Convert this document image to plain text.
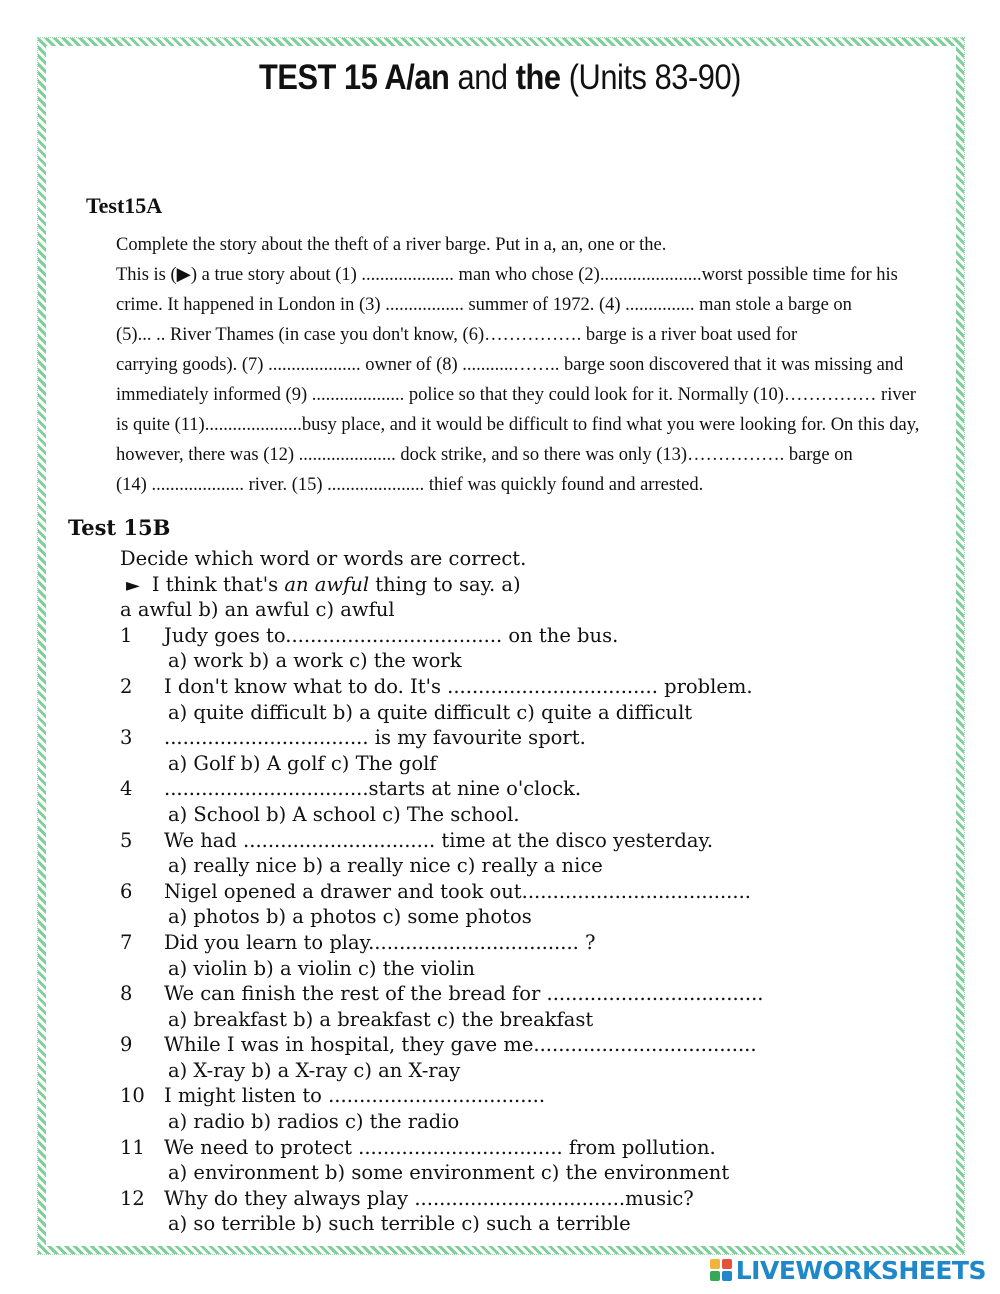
TEST 15 A/an and the (Units 83-90)
Test15A
Complete the story about the theft of a river barge. Put in a, an, one or the.
This is (▶) a true story about (1) .................... man who chose (2)......................worst possible time for his
crime. It happened in London in (3) ................. summer of 1972. (4) ............... man stole a barge on
(5)... .. River Thames (in case you don't know, (6)……………. barge is a river boat used for
carrying goods). (7) .................... owner of (8) ...........…….. barge soon discovered that it was missing and
immediately informed (9) .................... police so that they could look for it. Normally (10)…………… river
is quite (11).....................busy place, and it would be difficult to find what you were looking for. On this day,
however, there was (12) ..................... dock strike, and so there was only (13)……………. barge on
(14) .................... river. (15) ..................... thief was quickly found and arrested.
Test 15B
Decide which word or words are correct.
► I think that's an awful thing to say. a)
a awful b) an awful c) awful
1	Judy goes to................................... on the bus.
a) work b) a work c) the work
2	I don't know what to do. It's .................................. problem.
a) quite difficult b) a quite difficult c) quite a difficult
3	................................. is my favourite sport.
a) Golf b) A golf c) The golf
4	.................................starts at nine o'clock.
a) School b) A school c) The school.
5	We had ............................... time at the disco yesterday.
a) really nice b) a really nice c) really a nice
6	Nigel opened a drawer and took out.....................................
a) photos b) a photos c) some photos
7	Did you learn to play.................................. ?
a) violin b) a violin c) the violin
8	We can finish the rest of the bread for ...................................
a) breakfast b) a breakfast c) the breakfast
9	While I was in hospital, they gave me....................................
a) X-ray b) a X-ray c) an X-ray
10 I might listen to ...................................
a) radio b) radios c) the radio
11 We need to protect ................................. from pollution.
a) environment b) some environment c) the environment
12 Why do they always play ..................................music?
a) so terrible b) such terrible c) such a terrible
LIVEWORKSHEETS
